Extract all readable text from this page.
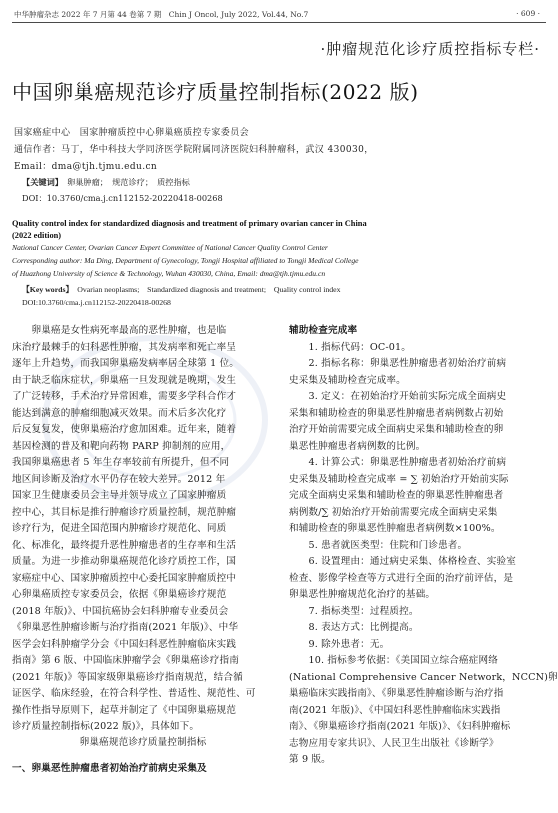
中华肿瘤杂志 2022 年 7 月第 44 卷第 7 期　Chin J Oncol, July 2022, Vol.44, No.7	· 609 ·
·肿瘤规范化诊疗质控指标专栏·
中国卵巢癌规范诊疗质量控制指标(2022 版)
国家癌症中心　国家肿瘤质控中心卵巢癌质控专家委员会
通信作者：马丁，华中科技大学同济医学院附属同济医院妇科肿瘤科，武汉 430030，
Email：dma@tjh.tjmu.edu.cn
【关键词】　 卵巢肿瘤；　规范诊疗；　质控指标
DOI：10.3760/cma.j.cn112152-20220418-00268
Quality control index for standardized diagnosis and treatment of primary ovarian cancer in China
(2022 edition)
National Cancer Center, Ovarian Cancer Expert Committee of National Cancer Quality Control Center
Corresponding author: Ma Ding, Department of Gynecology, Tongji Hospital affiliated to Tongji Medical College
of Huazhong University of Science & Technology, Wuhan 430030, China, Email: dma@tjh.tjmu.edu.cn
【Key words】　 Ovarian neoplasms;　Standardized diagnosis and treatment;　Quality control index
DOI:10.3760/cma.j.cn112152-20220418-00268
　　卵巢癌是女性病死率最高的恶性肿瘤，也是临
床治疗最棘手的妇科恶性肿瘤，其发病率和死亡率呈
逐年上升趋势，而我国卵巢癌发病率居全球第 1 位。
由于缺乏临床症状，卵巢癌一旦发现就是晚期，发生
了广泛转移，手术治疗异常困难，需要多学科合作才
能达到满意的肿瘤细胞减灭效果。而术后多次化疗
后反复复发，使卵巢癌治疗愈加困难。近年来，随着
基因检测的普及和靶向药物 PARP 抑制剂的应用，
我国卵巢癌患者 5 年生存率较前有所提升，但不同
地区间诊断及治疗水平仍存在较大差异。2012 年
国家卫生健康委员会主导并领导成立了国家肿瘤质
控中心，其目标是推行肿瘤诊疗质量控制，规范肿瘤
诊疗行为，促进全国范围内肿瘤诊疗规范化、同质
化、标准化，最终提升恶性肿瘤患者的生存率和生活
质量。为进一步推动卵巢癌规范化诊疗质控工作，国
家癌症中心、国家肿瘤质控中心委托国家肿瘤质控中
心卵巢癌质控专家委员会，依据《卵巢癌诊疗规范
(2018 年版)》、中国抗癌协会妇科肿瘤专业委员会
《卵巢恶性肿瘤诊断与治疗指南(2021 年版)》、中华
医学会妇科肿瘤学分会《中国妇科恶性肿瘤临床实践
指南》第 6 版、中国临床肿瘤学会《卵巢癌诊疗指南
(2021 年版)》等国家级卵巢癌诊疗指南规范，结合循
证医学、临床经验，在符合科学性、普适性、规范性、可
操作性指导原则下，起草并制定了《中国卵巢癌规范
诊疗质量控制指标(2022 版)》，具体如下。
卵巢癌规范诊疗质量控制指标
一、卵巢恶性肿瘤患者初始治疗前病史采集及
辅助检查完成率
　　1. 指标代码：OC-01。
　　2. 指标名称：卵巢恶性肿瘤患者初始治疗前病
史采集及辅助检查完成率。
　　3. 定义：在初始治疗开始前实际完成全面病史
采集和辅助检查的卵巢恶性肿瘤患者病例数占初始
治疗开始前需要完成全面病史采集和辅助检查的卵
巢恶性肿瘤患者病例数的比例。
　　4. 计算公式：卵巢恶性肿瘤患者初始治疗前病
史采集及辅助检查完成率 = ∑ 初始治疗开始前实际
完成全面病史采集和辅助检查的卵巢恶性肿瘤患者
病例数/∑ 初始治疗开始前需要完成全面病史采集
和辅助检查的卵巢恶性肿瘤患者病例数×100%。
　　5. 患者就医类型：住院和门诊患者。
　　6. 设置理由：通过病史采集、体格检查、实验室
检查、影像学检查等方式进行全面的治疗前评估，是
卵巢恶性肿瘤规范化治疗的基础。
　　7. 指标类型：过程质控。
　　8. 表达方式：比例提高。
　　9. 除外患者：无。
　　10. 指标参考依据：《美国国立综合癌症网络
(National Comprehensive Cancer Network，NCCN)卵
巢癌临床实践指南》、《卵巢恶性肿瘤诊断与治疗指
南(2021 年版)》、《中国妇科恶性肿瘤临床实践指
南》、《卵巢癌诊疗指南(2021 年版)》、《妇科肿瘤标
志物应用专家共识》、人民卫生出版社《诊断学》
第 9 版。
